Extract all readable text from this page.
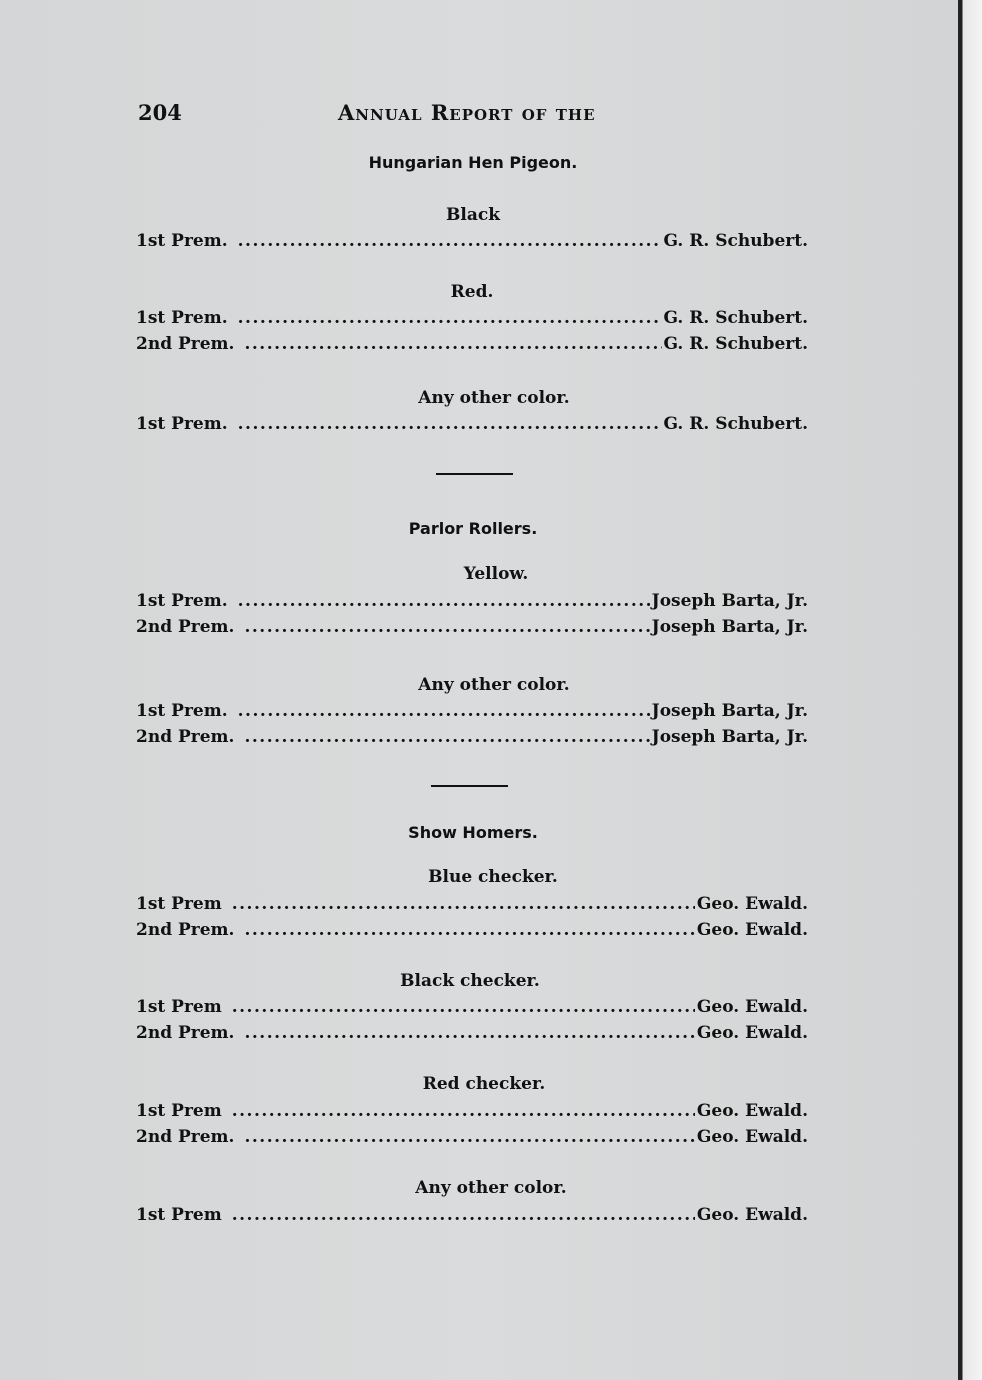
204	Annual Report of the
Hungarian Hen Pigeon.
Black
1st Prem. .....	G. R. Schubert.
Red.
1st Prem. .....	G. R. Schubert.
2nd Prem. .....	G. R. Schubert.
Any other color.
1st Prem. .....	G. R. Schubert.
Parlor Rollers.
Yellow.
1st Prem. .....	Joseph Barta, Jr.
2nd Prem. .....	Joseph Barta, Jr.
Any other color.
1st Prem. .....	Joseph Barta, Jr.
2nd Prem. .....	Joseph Barta, Jr.
Show Homers.
Blue checker.
1st Prem .....	Geo. Ewald.
2nd Prem. .....	Geo. Ewald.
Black checker.
1st Prem .....	Geo. Ewald.
2nd Prem. .....	Geo. Ewald.
Red checker.
1st Prem .....	Geo. Ewald.
2nd Prem. .....	Geo. Ewald.
Any other color.
1st Prem .....	Geo. Ewald.
